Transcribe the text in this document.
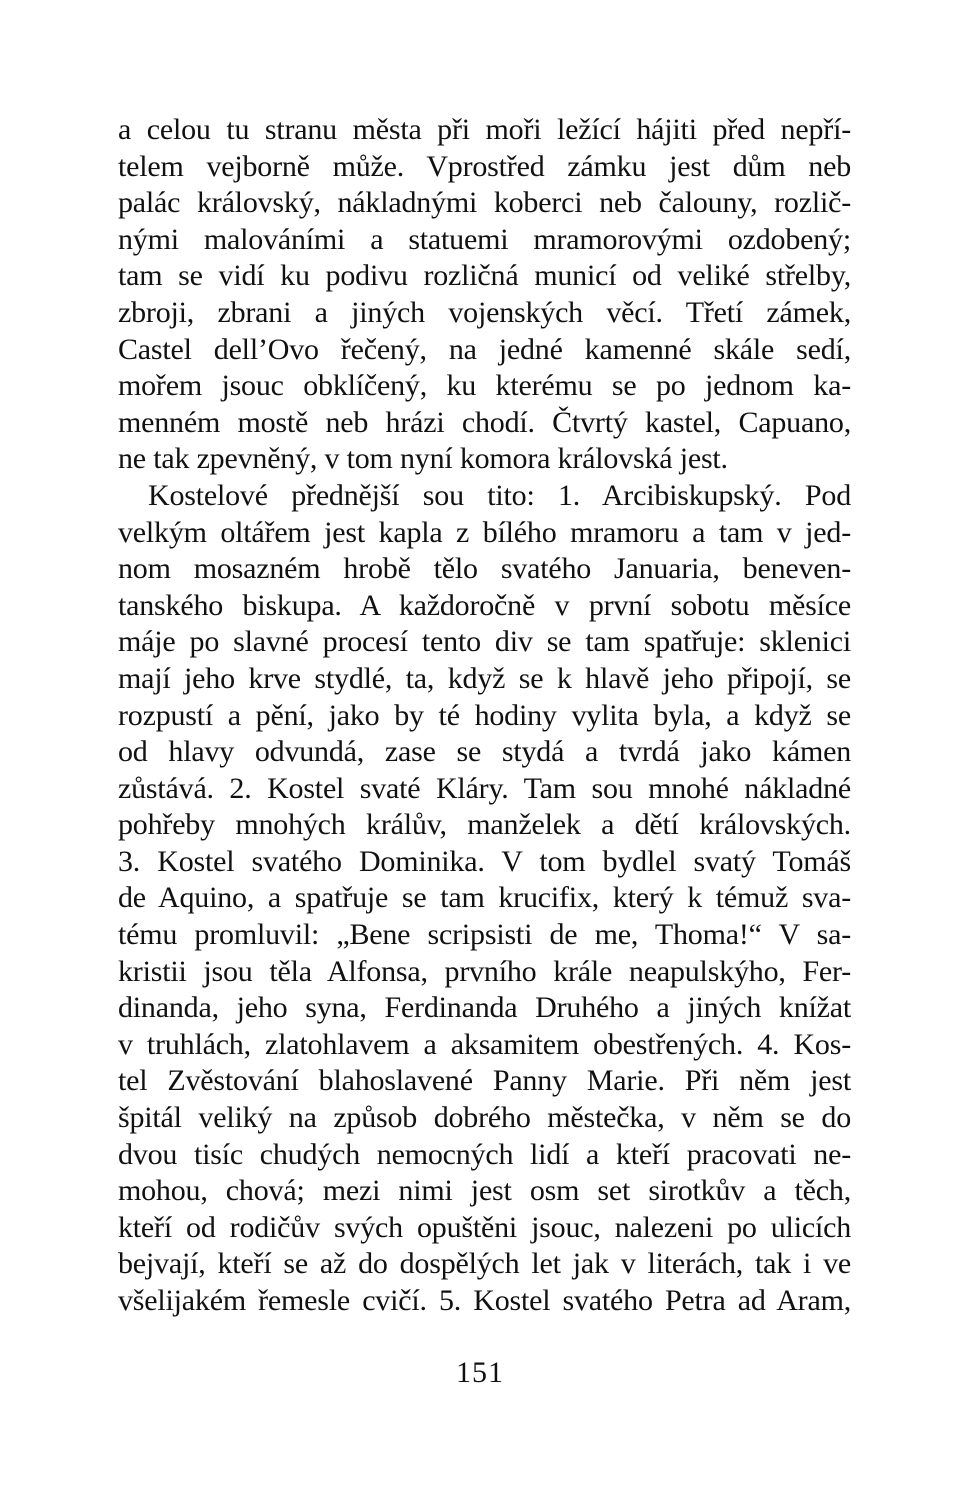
a celou tu stranu města při moři ležící hájiti před nepří-
telem vejborně může. Vprostřed zámku jest dům neb
palác královský, nákladnými koberci neb čalouny, rozlič-
nými malováními a statuemi mramorovými ozdobený;
tam se vidí ku podivu rozličná municí od veliké střelby,
zbroji, zbrani a jiných vojenských věcí. Třetí zámek,
Castel dell’Ovo řečený, na jedné kamenné skále sedí,
mořem jsouc obklíčený, ku kterému se po jednom ka-
menném mostě neb hrázi chodí. Čtvrtý kastel, Capuano,
ne tak zpevněný, v tom nyní komora královská jest.
Kostelové přednější sou tito: 1. Arcibiskupský. Pod
velkým oltářem jest kapla z bílého mramoru a tam v jed-
nom mosazném hrobě tělo svatého Januaria, beneven-
tanského biskupa. A každoročně v první sobotu měsíce
máje po slavné procesí tento div se tam spatřuje: sklenici
mají jeho krve stydlé, ta, když se k hlavě jeho připojí, se
rozpustí a pění, jako by té hodiny vylita byla, a když se
od hlavy odvundá, zase se stydá a tvrdá jako kámen
zůstává. 2. Kostel svaté Kláry. Tam sou mnohé nákladné
pohřeby mnohých králův, manželek a dětí královských.
3. Kostel svatého Dominika. V tom bydlel svatý Tomáš
de Aquino, a spatřuje se tam krucifix, který k témuž sva-
tému promluvil: „Bene scripsisti de me, Thoma!“ V sa-
kristii jsou těla Alfonsa, prvního krále neapulskýho, Fer-
dinanda, jeho syna, Ferdinanda Druhého a jiných knížat
v truhlách, zlatohlavem a aksamitem obestřených. 4. Kos-
tel Zvěstování blahoslavené Panny Marie. Při něm jest
špitál veliký na způsob dobrého městečka, v něm se do
dvou tisíc chudých nemocných lidí a kteří pracovati ne-
mohou, chová; mezi nimi jest osm set sirotkův a těch,
kteří od rodičův svých opuštěni jsouc, nalezeni po ulicích
bejvají, kteří se až do dospělých let jak v literách, tak i ve
všelijakém řemesle cvičí. 5. Kostel svatého Petra ad Aram,
151
